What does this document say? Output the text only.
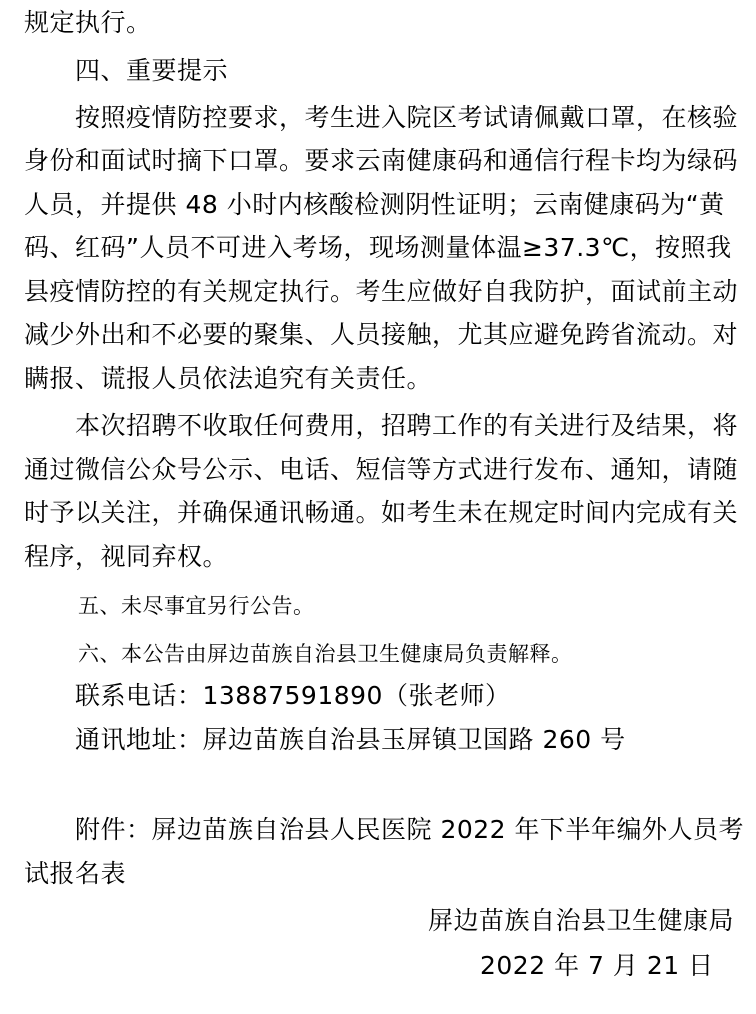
规定执行。
四、重要提示
按照疫情防控要求，考生进入院区考试请佩戴口罩，在核验
身份和面试时摘下口罩。要求云南健康码和通信行程卡均为绿码
人员，并提供 48 小时内核酸检测阴性证明；云南健康码为“黄
码、红码”人员不可进入考场，现场测量体温≥37.3℃，按照我
县疫情防控的有关规定执行。考生应做好自我防护，面试前主动
减少外出和不必要的聚集、人员接触，尤其应避免跨省流动。对
瞒报、谎报人员依法追究有关责任。
本次招聘不收取任何费用，招聘工作的有关进行及结果，将
通过微信公众号公示、电话、短信等方式进行发布、通知，请随
时予以关注，并确保通讯畅通。如考生未在规定时间内完成有关
程序，视同弃权。
五、未尽事宜另行公告。
六、本公告由屏边苗族自治县卫生健康局负责解释。
联系电话：13887591890（张老师）
通讯地址：屏边苗族自治县玉屏镇卫国路 260 号
附件：屏边苗族自治县人民医院 2022 年下半年编外人员考
试报名表
屏边苗族自治县卫生健康局
2022 年 7 月 21 日
